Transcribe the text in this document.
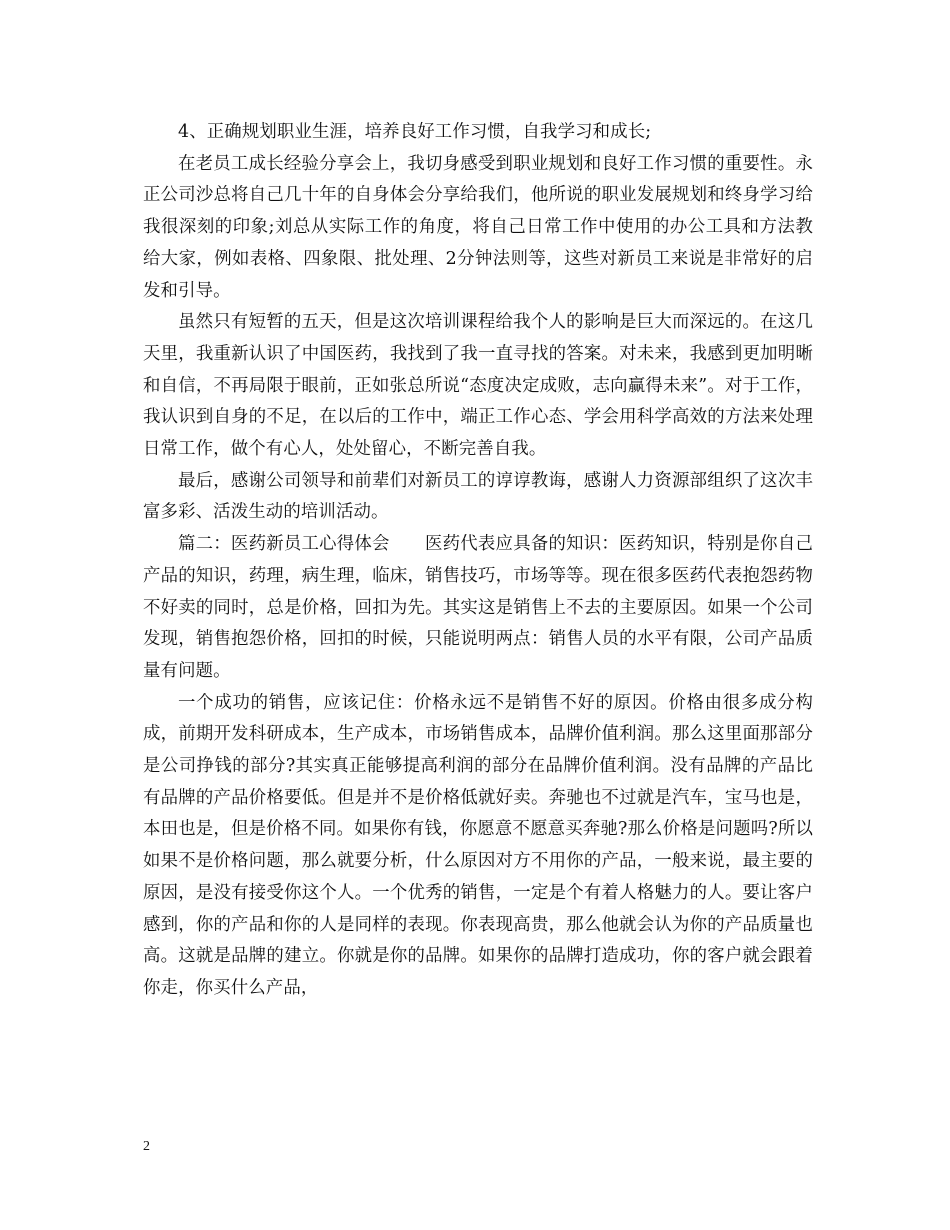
4、正确规划职业生涯，培养良好工作习惯，自我学习和成长;

在老员工成长经验分享会上，我切身感受到职业规划和良好工作习惯的重要性。永正公司沙总将自己几十年的自身体会分享给我们，他所说的职业发展规划和终身学习给我很深刻的印象;刘总从实际工作的角度，将自己日常工作中使用的办公工具和方法教给大家，例如表格、四象限、批处理、2分钟法则等，这些对新员工来说是非常好的启发和引导。

虽然只有短暂的五天，但是这次培训课程给我个人的影响是巨大而深远的。在这几天里，我重新认识了中国医药，我找到了我一直寻找的答案。对未来，我感到更加明晰和自信，不再局限于眼前，正如张总所说“态度决定成败，志向赢得未来”。对于工作，我认识到自身的不足，在以后的工作中，端正工作心态、学会用科学高效的方法来处理日常工作，做个有心人，处处留心，不断完善自我。

最后，感谢公司领导和前辈们对新员工的谆谆教诲，感谢人力资源部组织了这次丰富多彩、活泼生动的培训活动。

篇二：医药新员工心得体会　　医药代表应具备的知识：医药知识，特别是你自己产品的知识，药理，病生理，临床，销售技巧，市场等等。现在很多医药代表抱怨药物不好卖的同时，总是价格，回扣为先。其实这是销售上不去的主要原因。如果一个公司发现，销售抱怨价格，回扣的时候，只能说明两点：销售人员的水平有限，公司产品质量有问题。

一个成功的销售，应该记住：价格永远不是销售不好的原因。价格由很多成分构成，前期开发科研成本，生产成本，市场销售成本，品牌价值利润。那么这里面那部分是公司挣钱的部分?其实真正能够提高利润的部分在品牌价值利润。没有品牌的产品比有品牌的产品价格要低。但是并不是价格低就好卖。奔驰也不过就是汽车，宝马也是，本田也是，但是价格不同。如果你有钱，你愿意不愿意买奔驰?那么价格是问题吗?所以如果不是价格问题，那么就要分析，什么原因对方不用你的产品，一般来说，最主要的原因，是没有接受你这个人。一个优秀的销售，一定是个有着人格魅力的人。要让客户感到，你的产品和你的人是同样的表现。你表现高贵，那么他就会认为你的产品质量也高。这就是品牌的建立。你就是你的品牌。如果你的品牌打造成功，你的客户就会跟着你走，你买什么产品，

2
